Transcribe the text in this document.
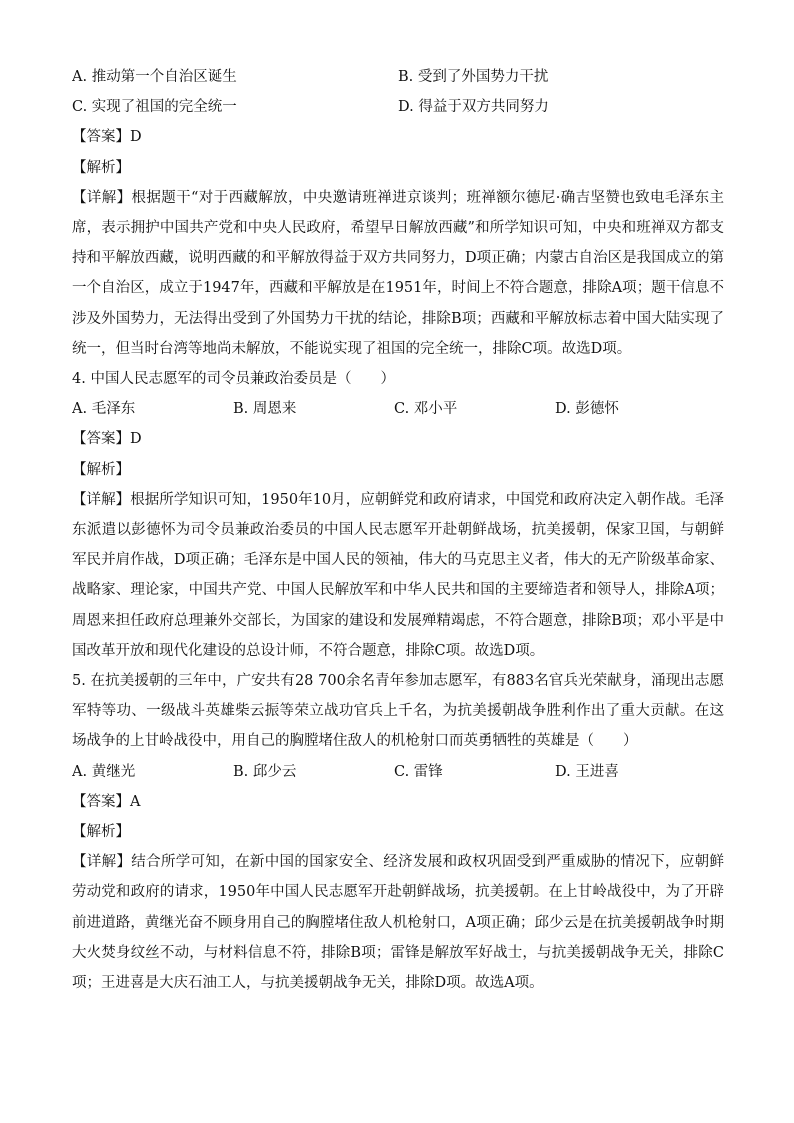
A. 推动第一个自治区诞生	B. 受到了外国势力干扰
C. 实现了祖国的完全统一	D. 得益于双方共同努力
【答案】D
【解析】
【详解】根据题干“对于西藏解放，中央邀请班禅进京谈判；班禅额尔德尼·确吉坚赞也致电毛泽东主席，表示拥护中国共产党和中央人民政府，希望早日解放西藏”和所学知识可知，中央和班禅双方都支持和平解放西藏，说明西藏的和平解放得益于双方共同努力，D项正确；内蒙古自治区是我国成立的第一个自治区，成立于1947年，西藏和平解放是在1951年，时间上不符合题意，排除A项；题干信息不涉及外国势力，无法得出受到了外国势力干扰的结论，排除B项；西藏和平解放标志着中国大陆实现了统一，但当时台湾等地尚未解放，不能说实现了祖国的完全统一，排除C项。故选D项。
4. 中国人民志愿军的司令员兼政治委员是（　　）
A. 毛泽东	B. 周恩来	C. 邓小平	D. 彭德怀
【答案】D
【解析】
【详解】根据所学知识可知，1950年10月，应朝鲜党和政府请求，中国党和政府决定入朝作战。毛泽东派遣以彭德怀为司令员兼政治委员的中国人民志愿军开赴朝鲜战场，抗美援朝，保家卫国，与朝鲜军民并肩作战，D项正确；毛泽东是中国人民的领袖，伟大的马克思主义者，伟大的无产阶级革命家、战略家、理论家，中国共产党、中国人民解放军和中华人民共和国的主要缔造者和领导人，排除A项；周恩来担任政府总理兼外交部长，为国家的建设和发展殚精竭虑，不符合题意，排除B项；邓小平是中国改革开放和现代化建设的总设计师，不符合题意，排除C项。故选D项。
5. 在抗美援朝的三年中，广安共有28 700余名青年参加志愿军，有883名官兵光荣献身，涌现出志愿军特等功、一级战斗英雄柴云振等荣立战功官兵上千名，为抗美援朝战争胜利作出了重大贡献。在这场战争的上甘岭战役中，用自己的胸膛堵住敌人的机枪射口而英勇牺牲的英雄是（　　）
A. 黄继光	B. 邱少云	C. 雷锋	D. 王进喜
【答案】A
【解析】
【详解】结合所学可知，在新中国的国家安全、经济发展和政权巩固受到严重威胁的情况下，应朝鲜劳动党和政府的请求，1950年中国人民志愿军开赴朝鲜战场，抗美援朝。在上甘岭战役中，为了开辟前进道路，黄继光奋不顾身用自己的胸膛堵住敌人机枪射口，A项正确；邱少云是在抗美援朝战争时期大火焚身纹丝不动，与材料信息不符，排除B项；雷锋是解放军好战士，与抗美援朝战争无关，排除C项；王进喜是大庆石油工人，与抗美援朝战争无关，排除D项。故选A项。
